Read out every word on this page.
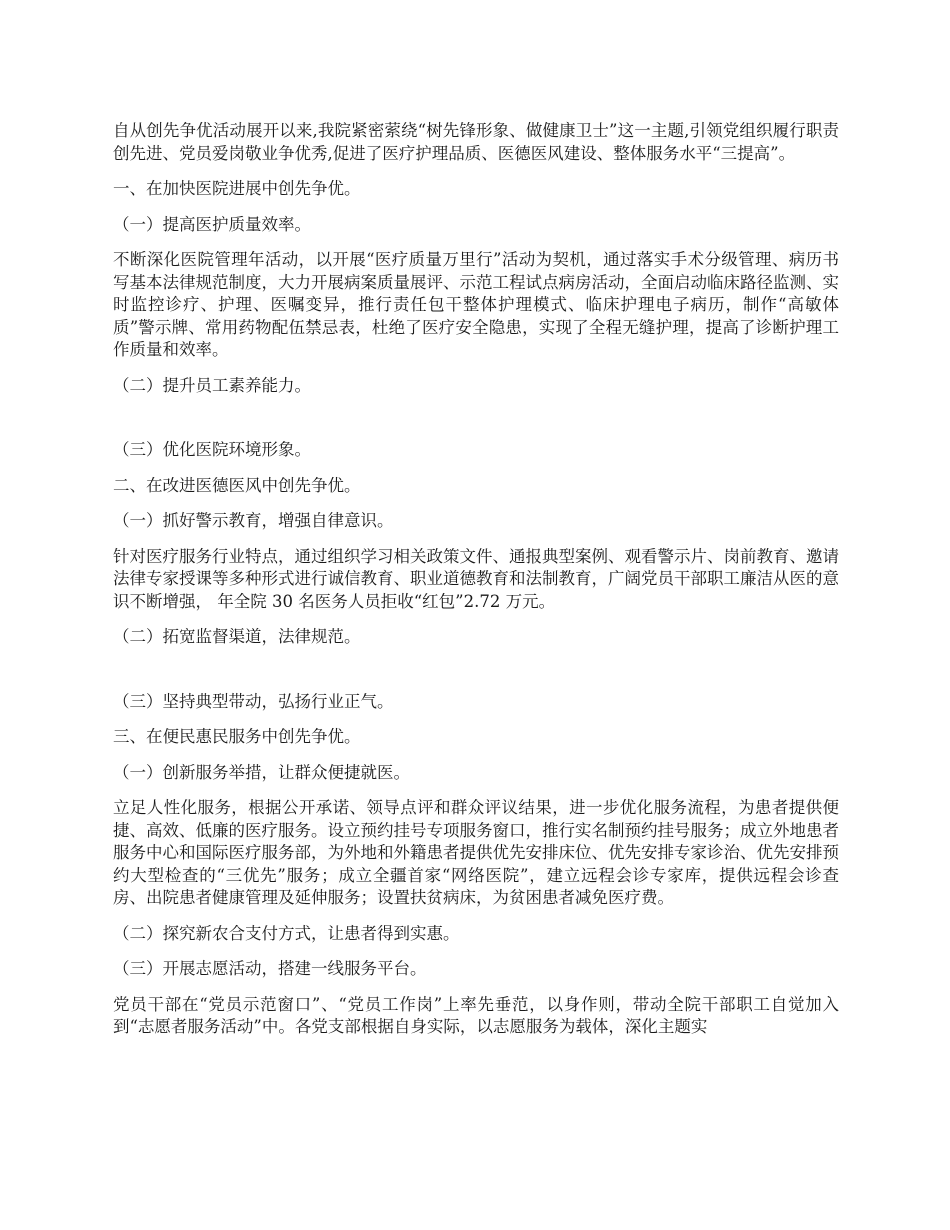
自从创先争优活动展开以来,我院紧密萦绕“树先锋形象、做健康卫士”这一主题,引领党组织履行职责创先进、党员爱岗敬业争优秀,促进了医疗护理品质、医德医风建设、整体服务水平“三提高”。

一、在加快医院进展中创先争优。

（一）提高医护质量效率。

不断深化医院管理年活动，以开展“医疗质量万里行”活动为契机，通过落实手术分级管理、病历书写基本法律规范制度，大力开展病案质量展评、示范工程试点病房活动，全面启动临床路径监测、实时监控诊疗、护理、医嘱变异，推行责任包干整体护理模式、临床护理电子病历，制作“高敏体质”警示牌、常用药物配伍禁忌表，杜绝了医疗安全隐患，实现了全程无缝护理，提高了诊断护理工作质量和效率。

（二）提升员工素养能力。

（三）优化医院环境形象。

二、在改进医德医风中创先争优。

（一）抓好警示教育，增强自律意识。

针对医疗服务行业特点，通过组织学习相关政策文件、通报典型案例、观看警示片、岗前教育、邀请法律专家授课等多种形式进行诚信教育、职业道德教育和法制教育，广阔党员干部职工廉洁从医的意识不断增强， 年全院 30 名医务人员拒收“红包”2.72 万元。

（二）拓宽监督渠道，法律规范。

（三）坚持典型带动，弘扬行业正气。

三、在便民惠民服务中创先争优。

（一）创新服务举措，让群众便捷就医。

立足人性化服务，根据公开承诺、领导点评和群众评议结果，进一步优化服务流程，为患者提供便捷、高效、低廉的医疗服务。设立预约挂号专项服务窗口，推行实名制预约挂号服务；成立外地患者服务中心和国际医疗服务部，为外地和外籍患者提供优先安排床位、优先安排专家诊治、优先安排预约大型检查的“三优先”服务；成立全疆首家“网络医院”，建立远程会诊专家库，提供远程会诊查房、出院患者健康管理及延伸服务；设置扶贫病床，为贫困患者减免医疗费。

（二）探究新农合支付方式，让患者得到实惠。

（三）开展志愿活动，搭建一线服务平台。

党员干部在“党员示范窗口”、“党员工作岗”上率先垂范，以身作则，带动全院干部职工自觉加入到“志愿者服务活动”中。各党支部根据自身实际，以志愿服务为载体，深化主题实
